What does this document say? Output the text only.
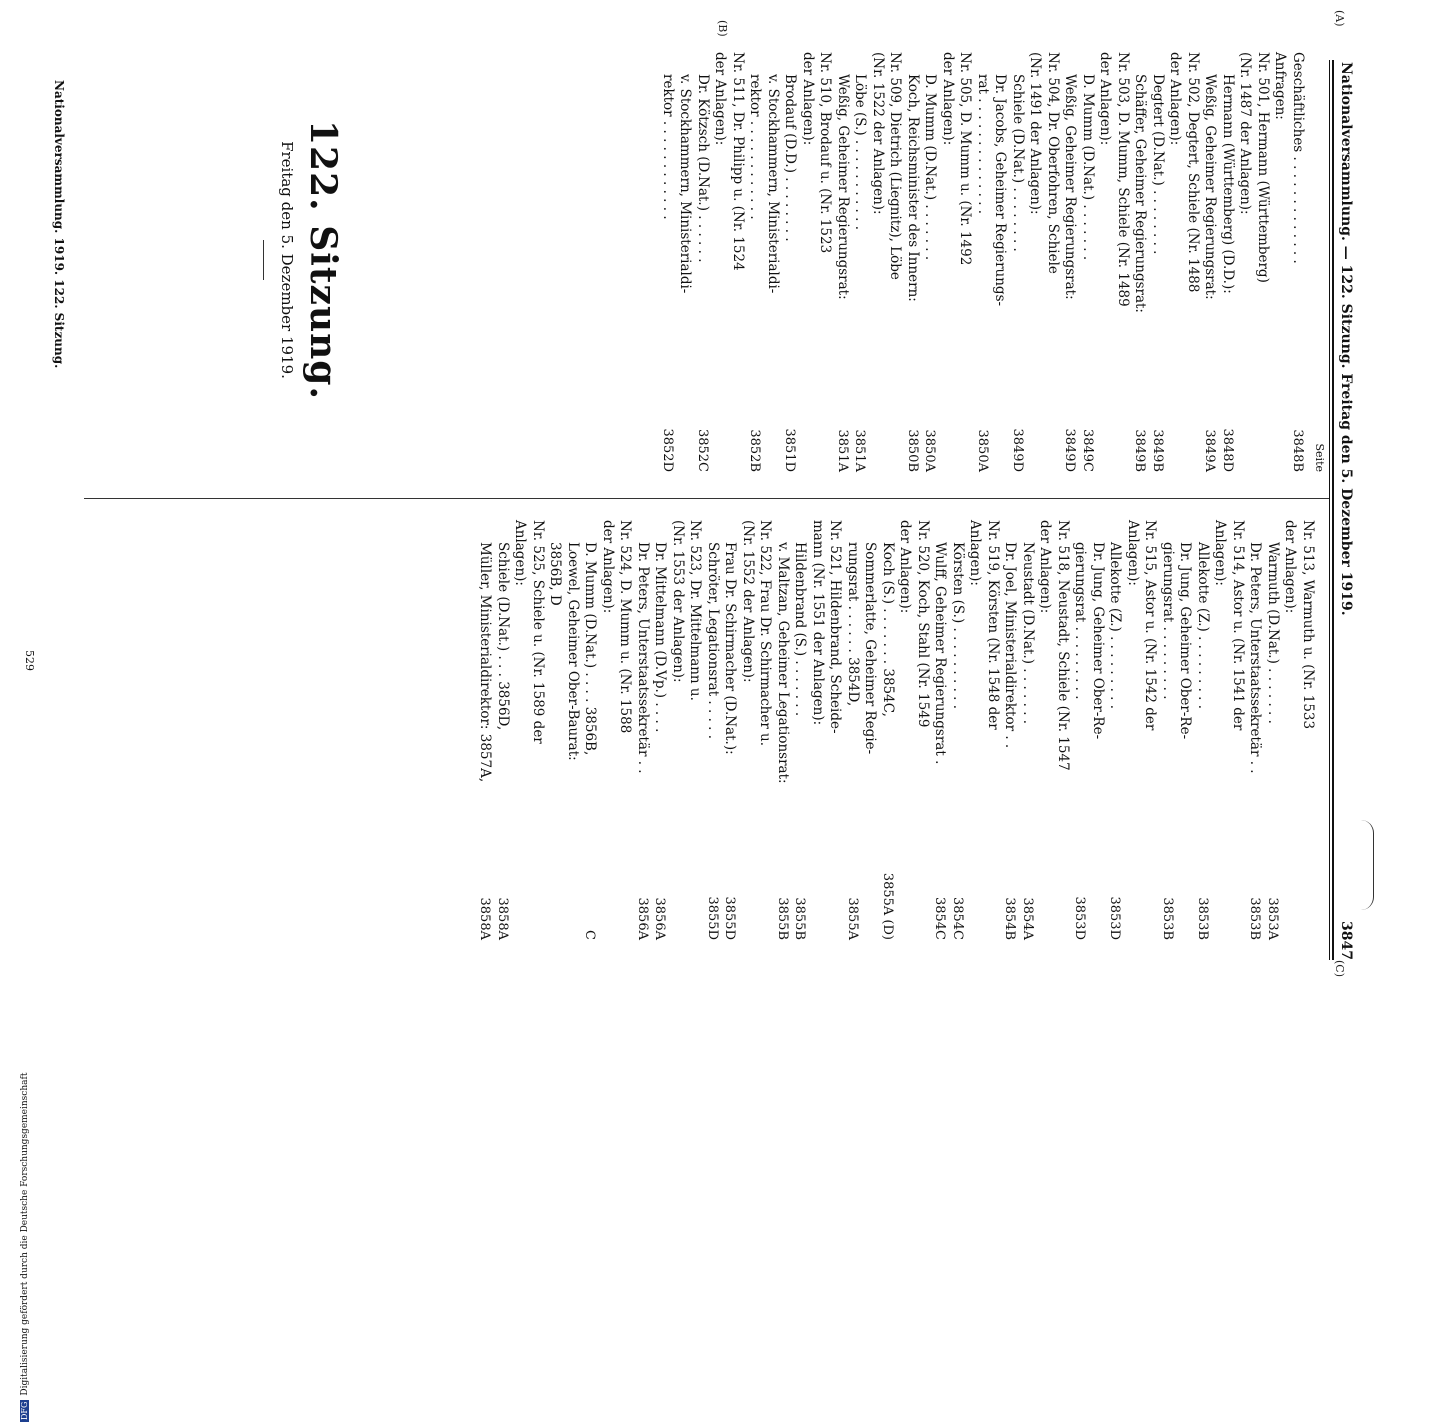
Nationalversammlung. — 122. Sitzung. Freitag den 5. Dezember 1919.
3847
(A)
(B)
(C)
Seite
Nr. 513, Warmuth u. (Nr. 1533
der Anlagen):
Warmuth (D.Nat.) . . . . . . .
3853A
Dr. Peters, Unterstaatssekretär . .
3853B
Nr. 514, Astor u. (Nr. 1541 der
Anlagen):
Allekotte (Z.) . . . . . . . . .
3853B
Dr. Jung, Geheimer Ober-Re-
gierungsrat . . . . . . . . .
3853B
Nr. 515, Astor u. (Nr. 1542 der
Anlagen):
Allekotte (Z.) . . . . . . . . .
3853D
Dr. Jung, Geheimer Ober-Re-
gierungsrat . . . . . . . . .
3853D
Nr. 518, Neustadt, Schiele (Nr. 1547
der Anlagen):
Neustadt (D.Nat.) . . . . . . .
3854A
Dr. Joel, Ministerialdirektor . .
3854B
Nr. 519, Körsten (Nr. 1548 der
Anlagen):
Körsten (S.) . . . . . . . . . .
3854C
Wulff, Geheimer Regierungsrat .
3854C
Nr. 520, Koch, Stahl (Nr. 1549
der Anlagen):
Koch (S.) . . . . . . . 3854C,
3855A (D)
Sommerlatte, Geheimer Regie-
rungsrat . . . . . . 3854D,
3855A
Nr. 521, Hildenbrand, Scheide-
mann (Nr. 1551 der Anlagen):
Hildenbrand (S.) . . . . . . .
3855B
v. Maltzan, Geheimer Legationsrat:
3855B
Nr. 522, Frau Dr. Schirmacher u.
(Nr. 1552 der Anlagen):
Frau Dr. Schirmacher (D.Nat.):
3855D
Schröter, Legationsrat . . . . .
3855D
Nr. 523, Dr. Mittelmann u.
(Nr. 1553 der Anlagen):
Dr. Mittelmann (D.Vp.) . . . .
3856A
Dr. Peters, Unterstaatssekretär . .
3856A
Nr. 524, D. Mumm u. (Nr. 1588
der Anlagen):
D. Mumm (D.Nat.) . . . . 3856B,
C
Loewel, Geheimer Ober-Baurat:
3856B, D
Nr. 525, Schiele u. (Nr. 1589 der
Anlagen):
Schiele (D.Nat.) . . . 3856D,
3858A
Müller, Ministerialdirektor: 3857A,
3858A
Geschäftliches . . . . . . . . . . . . .
3848B
Anfragen:
Nr. 501, Hermann (Württemberg)
(Nr. 1487 der Anlagen):
Hermann (Württemberg) (D.D.):
3848D
Weßig, Geheimer Regierungsrat:
3849A
Nr. 502, Degtert, Schiele (Nr. 1488
der Anlagen):
Degtert (D.Nat.) . . . . . . . .
3849B
Schäffer, Geheimer Regierungsrat:
3849B
Nr. 503, D. Mumm, Schiele (Nr. 1489
der Anlagen):
D. Mumm (D.Nat.) . . . . . . .
3849C
Weßig, Geheimer Regierungsrat:
3849D
Nr. 504, Dr. Oberfohren, Schiele
(Nr. 1491 der Anlagen):
Schiele (D.Nat.) . . . . . . . .
3849D
Dr. Jacobs, Geheimer Regierungs-
rat . . . . . . . . . . . . . .
3850A
Nr. 505, D. Mumm u. (Nr. 1492
der Anlagen):
D. Mumm (D.Nat.) . . . . . . .
3850A
Koch, Reichsminister des Innern:
3850B
Nr. 509, Dietrich (Liegnitz), Löbe
(Nr. 1522 der Anlagen):
Löbe (S.) . . . . . . . . . . .
3851A
Weßig, Geheimer Regierungsrat:
3851A
Nr. 510, Brodauf u. (Nr. 1523
der Anlagen):
Brodauf (D.D.) . . . . . . . .
3851D
v. Stockhammern, Ministerialdi-
rektor . . . . . . . . . . . .
3852B
Nr. 511, Dr. Philipp u. (Nr. 1524
der Anlagen):
Dr. Kötzsch (D.Nat.) . . . . . .
3852C
v. Stockhammern, Ministerialdi-
rektor . . . . . . . . . . . .
3852D
122. Sitzung.
Freitag den 5. Dezember 1919.
Nationalversammlung. 1919. 122. Sitzung.
529
DFGDigitalisierung gefördert durch die Deutsche Forschungsgemeinschaft
